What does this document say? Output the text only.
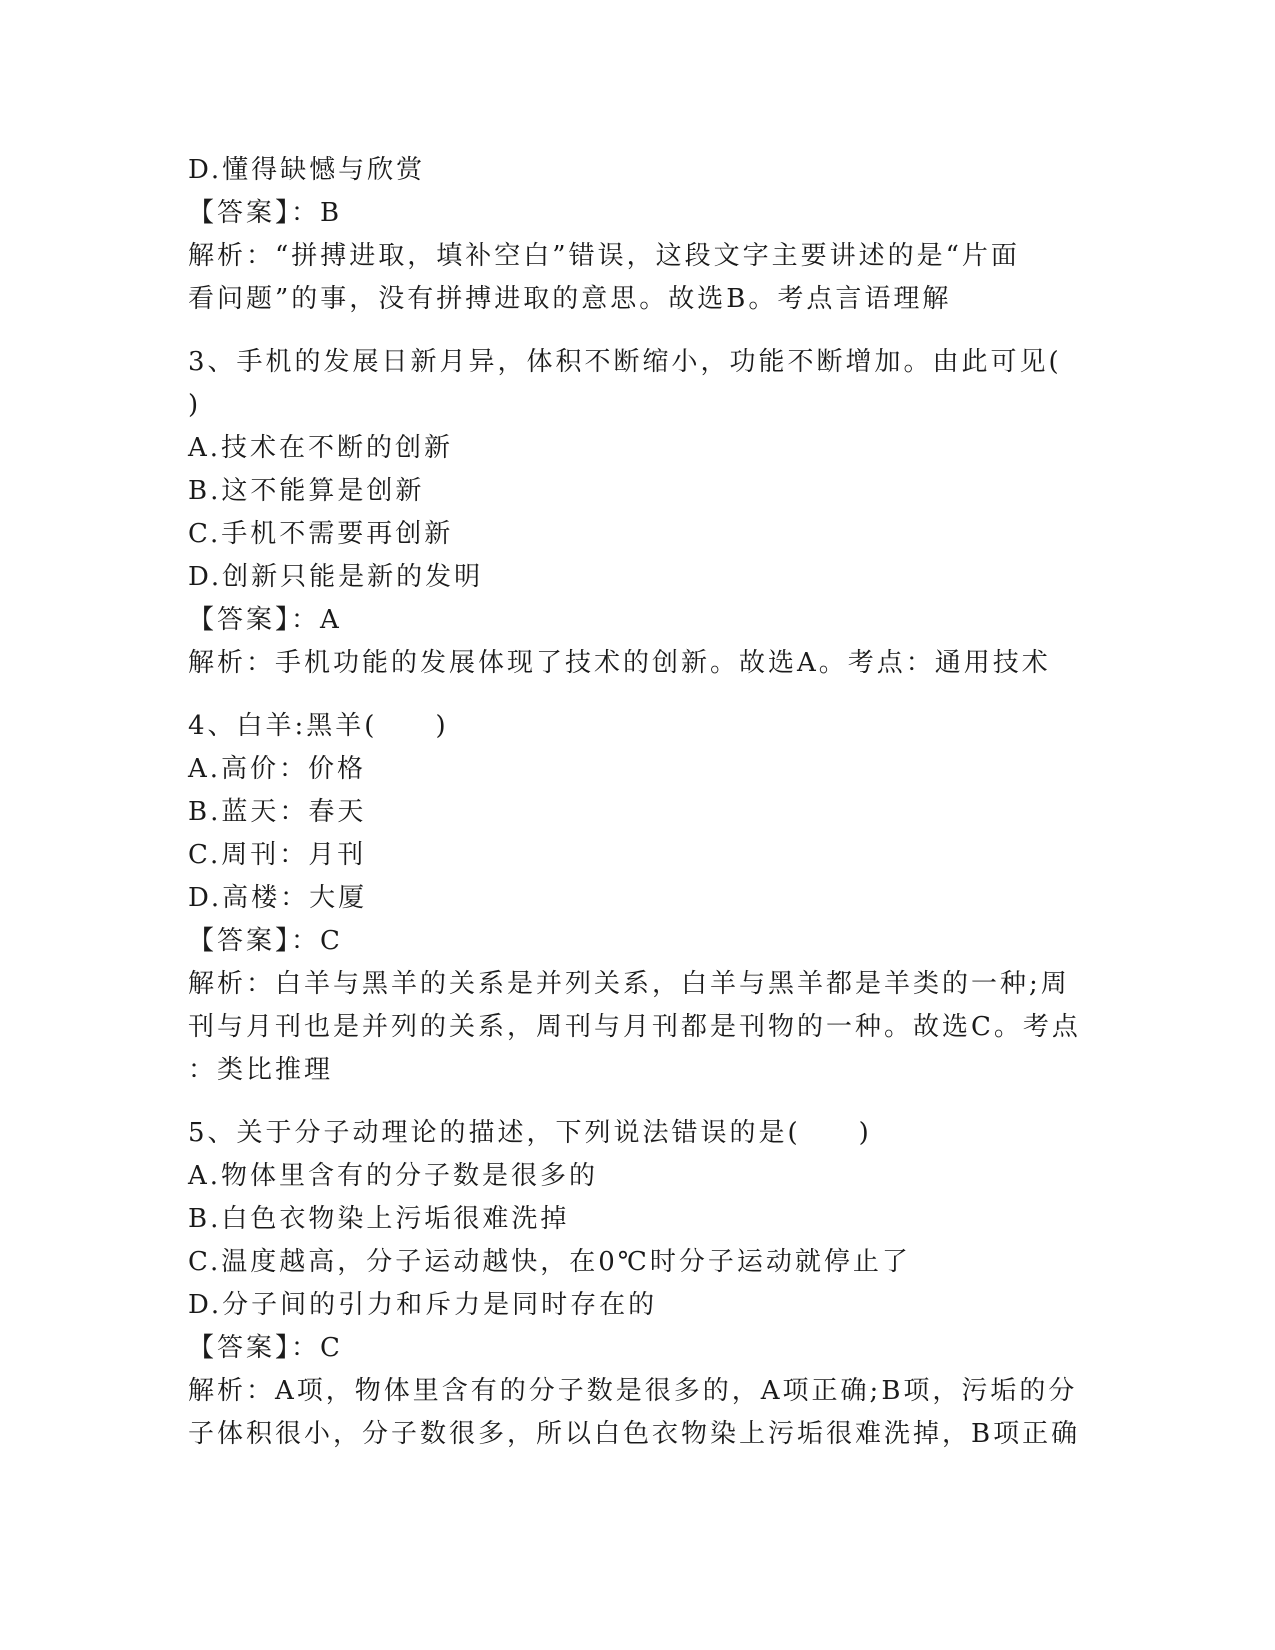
D.懂得缺憾与欣赏
【答案】：B
解析：“拼搏进取，填补空白”错误，这段文字主要讲述的是“片面
看问题”的事，没有拼搏进取的意思。故选B。考点言语理解
3、手机的发展日新月异，体积不断缩小，功能不断增加。由此可见(
)
A.技术在不断的创新
B.这不能算是创新
C.手机不需要再创新
D.创新只能是新的发明
【答案】：A
解析：手机功能的发展体现了技术的创新。故选A。考点：通用技术
4、白羊:黑羊(　　)
A.高价：价格
B.蓝天：春天
C.周刊：月刊
D.高楼：大厦
【答案】：C
解析：白羊与黑羊的关系是并列关系，白羊与黑羊都是羊类的一种;周
刊与月刊也是并列的关系，周刊与月刊都是刊物的一种。故选C。考点
：类比推理
5、关于分子动理论的描述，下列说法错误的是(　　)
A.物体里含有的分子数是很多的
B.白色衣物染上污垢很难洗掉
C.温度越高，分子运动越快，在0℃时分子运动就停止了
D.分子间的引力和斥力是同时存在的
【答案】：C
解析：A项，物体里含有的分子数是很多的，A项正确;B项，污垢的分
子体积很小，分子数很多，所以白色衣物染上污垢很难洗掉，B项正确
